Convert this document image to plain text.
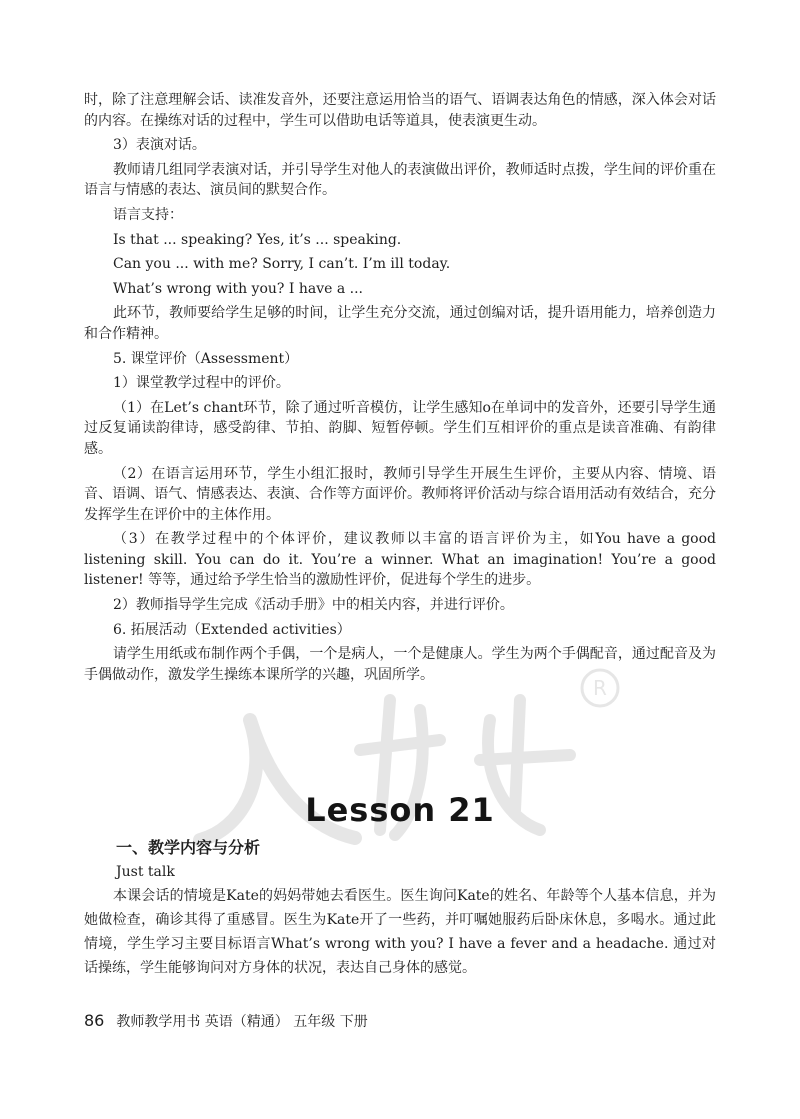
R

时，除了注意理解会话、读准发音外，还要注意运用恰当的语气、语调表达角色的情感，深入体会对话的内容。在操练对话的过程中，学生可以借助电话等道具，使表演更生动。

3）表演对话。

教师请几组同学表演对话，并引导学生对他人的表演做出评价，教师适时点拨，学生间的评价重在语言与情感的表达、演员间的默契合作。

语言支持：

Is that ... speaking? Yes, it’s ... speaking.

Can you ... with me? Sorry, I can’t. I’m ill today.

What’s wrong with you? I have a ...

此环节，教师要给学生足够的时间，让学生充分交流，通过创编对话，提升语用能力，培养创造力和合作精神。

5. 课堂评价（Assessment）

1）课堂教学过程中的评价。

（1）在Let’s chant环节，除了通过听音模仿，让学生感知o在单词中的发音外，还要引导学生通过反复诵读韵律诗，感受韵律、节拍、韵脚、短暂停顿。学生们互相评价的重点是读音准确、有韵律感。

（2）在语言运用环节，学生小组汇报时，教师引导学生开展生生评价，主要从内容、情境、语音、语调、语气、情感表达、表演、合作等方面评价。教师将评价活动与综合语用活动有效结合，充分发挥学生在评价中的主体作用。

（3）在教学过程中的个体评价，建议教师以丰富的语言评价为主，如You have a good listening skill. You can do it. You’re a winner. What an imagination! You’re a good listener! 等等，通过给予学生恰当的激励性评价，促进每个学生的进步。

2）教师指导学生完成《活动手册》中的相关内容，并进行评价。

6. 拓展活动（Extended activities）

请学生用纸或布制作两个手偶，一个是病人，一个是健康人。学生为两个手偶配音，通过配音及为手偶做动作，激发学生操练本课所学的兴趣，巩固所学。

Lesson 21

一、教学内容与分析

Just talk

本课会话的情境是Kate的妈妈带她去看医生。医生询问Kate的姓名、年龄等个人基本信息，并为她做检查，确诊其得了重感冒。医生为Kate开了一些药，并叮嘱她服药后卧床休息，多喝水。通过此情境，学生学习主要目标语言What’s wrong with you? I have a fever and a headache. 通过对话操练，学生能够询问对方身体的状况，表达自己身体的感觉。

86 教师教学用书 英语（精通） 五年级 下册
